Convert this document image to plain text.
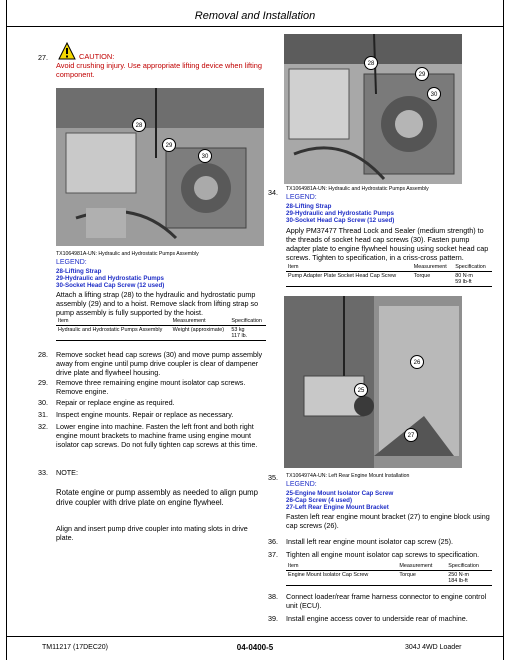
Removal and Installation
27.	CAUTION:
Avoid crushing injury. Use appropriate lifting device when lifting component.
28
29
30
TX1064981A-UN: Hydraulic and Hydrostatic Pumps Assembly
LEGEND:
28-Lifting Strap
29-Hydraulic and Hydrostatic Pumps
30-Socket Head Cap Screw (12 used)
Attach a lifting strap (28) to the hydraulic and hydrostatic pump assembly (29) and to a hoist. Remove slack from lifting strap so pump assembly is fully supported by the hoist.
Item	Measurement	Specification
Hydraulic and Hydrostatic Pumps Assembly	Weight (approximate)	53 kg
117 lb.
28. Remove socket head cap screws (30) and move pump assembly away from engine until pump drive coupler is clear of dampener drive plate and flywheel housing.
29. Remove three remaining engine mount isolator cap screws. Remove engine.
30. Repair or replace engine as required.
31. Inspect engine mounts. Repair or replace as necessary.
32. Lower engine into machine. Fasten the left front and both right engine mount brackets to machine frame using engine mount isolator cap screws. Do not fully tighten cap screws at this time.
33. NOTE:
Rotate engine or pump assembly as needed to align pump drive coupler with drive plate on engine flywheel.
Align and insert pump drive coupler into mating slots in drive plate.
28
29
30
34. TX1064981A-UN: Hydraulic and Hydrostatic Pumps Assembly
LEGEND:
28-Lifting Strap
29-Hydraulic and Hydrostatic Pumps
30-Socket Head Cap Screw (12 used)
Apply PM37477 Thread Lock and Sealer (medium strength) to the threads of socket head cap screws (30). Fasten pump adapter plate to engine flywheel housing using socket head cap screws. Tighten to specification, in a criss-cross pattern.
Item	Measurement	Specification
Pump Adapter Plate Socket Head Cap Screw	Torque	80 N·m
59 lb-ft
26
25
27
35. TX1064974A-UN: Left Rear Engine Mount Installation
LEGEND:
25-Engine Mount Isolator Cap Screw
26-Cap Screw (4 used)
27-Left Rear Engine Mount Bracket
Fasten left rear engine mount bracket (27) to engine block using cap screws (26).
36. Install left rear engine mount isolator cap screw (25).
37. Tighten all engine mount isolator cap screws to specification.
Item	Measurement	Specification
Engine Mount Isolator Cap Screw	Torque	250 N·m
184 lb-ft
38. Connect loader/rear frame harness connector to engine control unit (ECU).
39. Install engine access cover to underside rear of machine.
TM11217 (17DEC20)	04-0400-5	304J 4WD Loader
